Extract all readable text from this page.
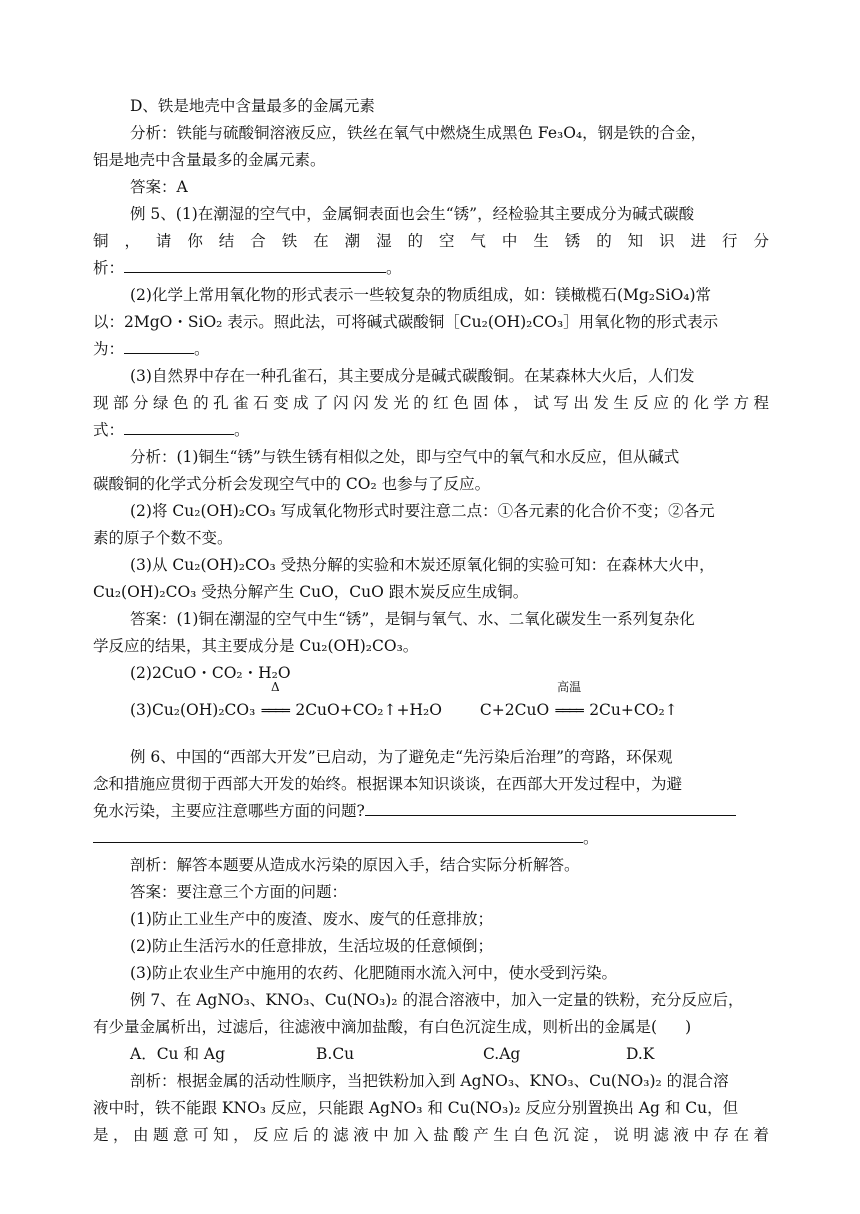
D、铁是地壳中含量最多的金属元素
分析：铁能与硫酸铜溶液反应，铁丝在氧气中燃烧生成黑色 Fe₃O₄，钢是铁的合金，
铝是地壳中含量最多的金属元素。
答案：A
例 5、(1)在潮湿的空气中，金属铜表面也会生“锈”，经检验其主要成分为碱式碳酸
铜，请你结合铁在潮湿的空气中生锈的知识进行分
析：	。
(2)化学上常用氧化物的形式表示一些较复杂的物质组成，如：镁橄榄石(Mg₂SiO₄)常
以：2MgO・SiO₂ 表示。照此法，可将碱式碳酸铜［Cu₂(OH)₂CO₃］用氧化物的形式表示
为：	。
(3)自然界中存在一种孔雀石，其主要成分是碱式碳酸铜。在某森林大火后，人们发
现部分绿色的孔雀石变成了闪闪发光的红色固体，试写出发生反应的化学方程
式：	。
分析：(1)铜生“锈”与铁生锈有相似之处，即与空气中的氧气和水反应，但从碱式
碳酸铜的化学式分析会发现空气中的 CO₂ 也参与了反应。
(2)将 Cu₂(OH)₂CO₃ 写成氧化物形式时要注意二点：①各元素的化合价不变；②各元
素的原子个数不变。
(3)从 Cu₂(OH)₂CO₃ 受热分解的实验和木炭还原氧化铜的实验可知：在森林大火中，
Cu₂(OH)₂CO₃ 受热分解产生 CuO，CuO 跟木炭反应生成铜。
答案：(1)铜在潮湿的空气中生“锈”，是铜与氧气、水、二氧化碳发生一系列复杂化
学反应的结果，其主要成分是 Cu₂(OH)₂CO₃。
(2)2CuO・CO₂・H₂O
(3)Cu₂(OH)₂CO₃
Δ
════ 2CuO+CO₂↑+H₂O C+2CuO
高温
════ 2Cu+CO₂↑
例 6、中国的“西部大开发”已启动，为了避免走“先污染后治理”的弯路，环保观
念和措施应贯彻于西部大开发的始终。根据课本知识谈谈，在西部大开发过程中，为避
免水污染，主要应注意哪些方面的问题?
。
剖析：解答本题要从造成水污染的原因入手，结合实际分析解答。
答案：要注意三个方面的问题：
(1)防止工业生产中的废渣、废水、废气的任意排放；
(2)防止生活污水的任意排放，生活垃圾的任意倾倒；
(3)防止农业生产中施用的农药、化肥随雨水流入河中，使水受到污染。
例 7、在 AgNO₃、KNO₃、Cu(NO₃)₂ 的混合溶液中，加入一定量的铁粉，充分反应后，
有少量金属析出，过滤后，往滤液中滴加盐酸，有白色沉淀生成，则析出的金属是( )
A．Cu 和 Ag	B.Cu	C.Ag	D.K
剖析：根据金属的活动性顺序，当把铁粉加入到 AgNO₃、KNO₃、Cu(NO₃)₂ 的混合溶
液中时，铁不能跟 KNO₃ 反应，只能跟 AgNO₃ 和 Cu(NO₃)₂ 反应分别置换出 Ag 和 Cu，但
是，由题意可知，反应后的滤液中加入盐酸产生白色沉淀，说明滤液中存在着
